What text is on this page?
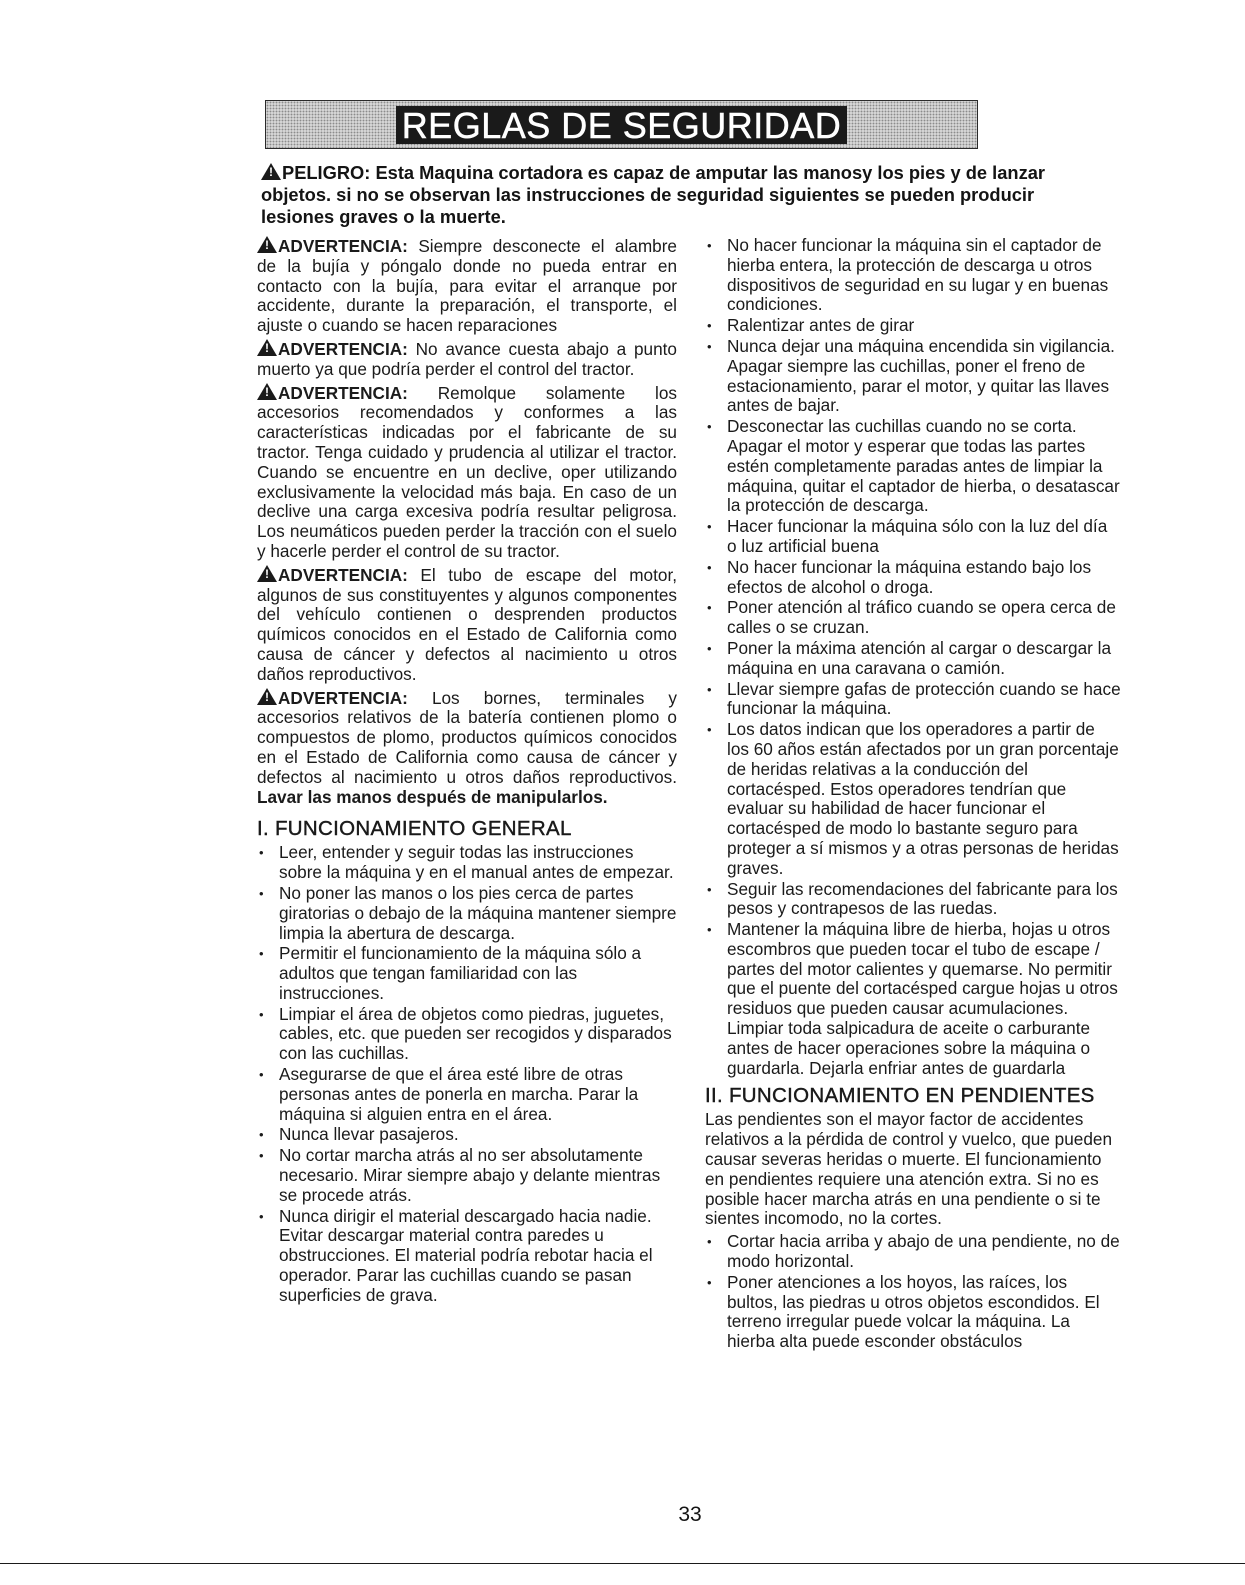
REGLAS DE SEGURIDAD

!PELIGRO: Esta Maquina cortadora es capaz de amputar las manosy los pies y de lanzar objetos. si no se observan las instrucciones de seguridad siguientes se pueden producir lesiones graves o la muerte.

!ADVERTENCIA: Siempre desconecte el alambre de la bujía y póngalo donde no pueda entrar en contacto con la bujía, para evitar el arranque por accidente, durante la preparación, el transporte, el ajuste o cuando se hacen reparaciones

!ADVERTENCIA: No avance cuesta abajo a punto muerto ya que podría perder el control del tractor.

!ADVERTENCIA: Remolque solamente los accesorios recomendados y conformes a las características indicadas por el fabricante de su tractor. Tenga cuidado y prudencia al utilizar el tractor. Cuando se encuentre en un declive, oper utilizando exclusivamente la velocidad más baja. En caso de un declive una carga excesiva podría resultar peligrosa. Los neumáticos pueden perder la tracción con el suelo y hacerle perder el control de su tractor.

!ADVERTENCIA: El tubo de escape del motor, algunos de sus constituyentes y algunos componentes del vehículo contienen o desprenden productos químicos conocidos en el Estado de California como causa de cáncer y defectos al nacimiento u otros daños reproductivos.

!ADVERTENCIA: Los bornes, terminales y accesorios relativos de la batería contienen plomo o compuestos de plomo, productos químicos conocidos en el Estado de California como causa de cáncer y defectos al nacimiento u otros daños reproductivos. Lavar las manos después de manipularlos.

I. FUNCIONAMIENTO GENERAL
• Leer, entender y seguir todas las instrucciones sobre la máquina y en el manual antes de empezar.
• No poner las manos o los pies cerca de partes giratorias o debajo de la máquina mantener siempre limpia la abertura de descarga.
• Permitir el funcionamiento de la máquina sólo a adultos que tengan familiaridad con las instrucciones.
• Limpiar el área de objetos como piedras, juguetes, cables, etc. que pueden ser recogidos y disparados con las cuchillas.
• Asegurarse de que el área esté libre de otras personas antes de ponerla en marcha. Parar la máquina si alguien entra en el área.
• Nunca llevar pasajeros.
• No cortar marcha atrás al no ser absolutamente necesario. Mirar siempre abajo y delante mientras se procede atrás.
• Nunca dirigir el material descargado hacia nadie. Evitar descargar material contra paredes u obstrucciones. El material podría rebotar hacia el operador. Parar las cuchillas cuando se pasan superficies de grava.
• No hacer funcionar la máquina sin el captador de hierba entera, la protección de descarga u otros dispositivos de seguridad en su lugar y en buenas condiciones.
• Ralentizar antes de girar
• Nunca dejar una máquina encendida sin vigilancia. Apagar siempre las cuchillas, poner el freno de estacionamiento, parar el motor, y quitar las llaves antes de bajar.
• Desconectar las cuchillas cuando no se corta. Apagar el motor y esperar que todas las partes estén completamente paradas antes de limpiar la máquina, quitar el captador de hierba, o desatascar la protección de descarga.
• Hacer funcionar la máquina sólo con la luz del día o luz artificial buena
• No hacer funcionar la máquina estando bajo los efectos de alcohol o droga.
• Poner atención al tráfico cuando se opera cerca de calles o se cruzan.
• Poner la máxima atención al cargar o descargar la máquina en una caravana o camión.
• Llevar siempre gafas de protección cuando se hace funcionar la máquina.
• Los datos indican que los operadores a partir de los 60 años están afectados por un gran porcentaje de heridas relativas a la conducción del cortacésped. Estos operadores tendrían que evaluar su habilidad de hacer funcionar el cortacésped de modo lo bastante seguro para proteger a sí mismos y a otras personas de heridas graves.
• Seguir las recomendaciones del fabricante para los pesos y contrapesos de las ruedas.
• Mantener la máquina libre de hierba, hojas u otros escombros que pueden tocar el tubo de escape / partes del motor calientes y quemarse. No permitir que el puente del cortacésped cargue hojas u otros residuos que pueden causar acumulaciones. Limpiar toda salpicadura de aceite o carburante antes de hacer operaciones sobre la máquina o guardarla. Dejarla enfriar antes de guardarla
II. FUNCIONAMIENTO EN PENDIENTES

Las pendientes son el mayor factor de accidentes relativos a la pérdida de control y vuelco, que pueden causar severas heridas o muerte. El funcionamiento en pendientes requiere una atención extra. Si no es posible hacer marcha atrás en una pendiente o si te sientes incomodo, no la cortes.

• Cortar hacia arriba y abajo de una pendiente, no de modo horizontal.
• Poner atenciones a los hoyos, las raíces, los bultos, las piedras u otros objetos escondidos. El terreno irregular puede volcar la máquina. La hierba alta puede esconder obstáculos
33
